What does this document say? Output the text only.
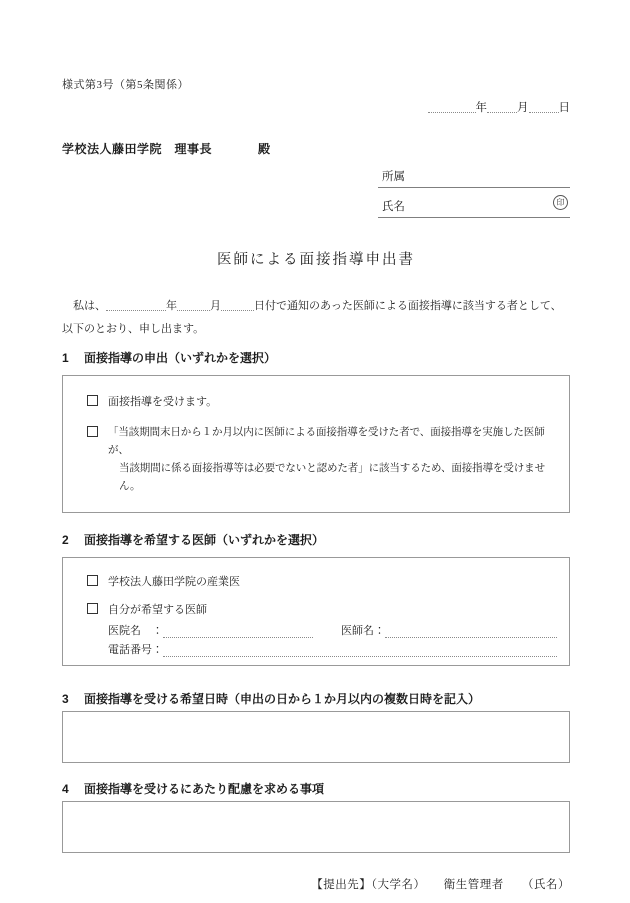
様式第3号（第5条関係）
年	月	日
学校法人藤田学院　理事長	殿
所属
氏名	印
医師による面接指導申出書
私は、	年	月	日付で通知のあった医師による面接指導に該当する者として、
以下のとおり、申し出ます。
1	面接指導の申出（いずれかを選択）
面接指導を受けます。
「当該期間末日から１か月以内に医師による面接指導を受けた者で、面接指導を実施した医師が、
当該期間に係る面接指導等は必要でないと認めた者」に該当するため、面接指導を受けません。
2	面接指導を希望する医師（いずれかを選択）
学校法人藤田学院の産業医
自分が希望する医師
医院名　：	医師名：
電話番号：
3	面接指導を受ける希望日時（申出の日から１か月以内の複数日時を記入）
4	面接指導を受けるにあたり配慮を求める事項
【提出先】（大学名）　　衛生管理者　　（氏名）
